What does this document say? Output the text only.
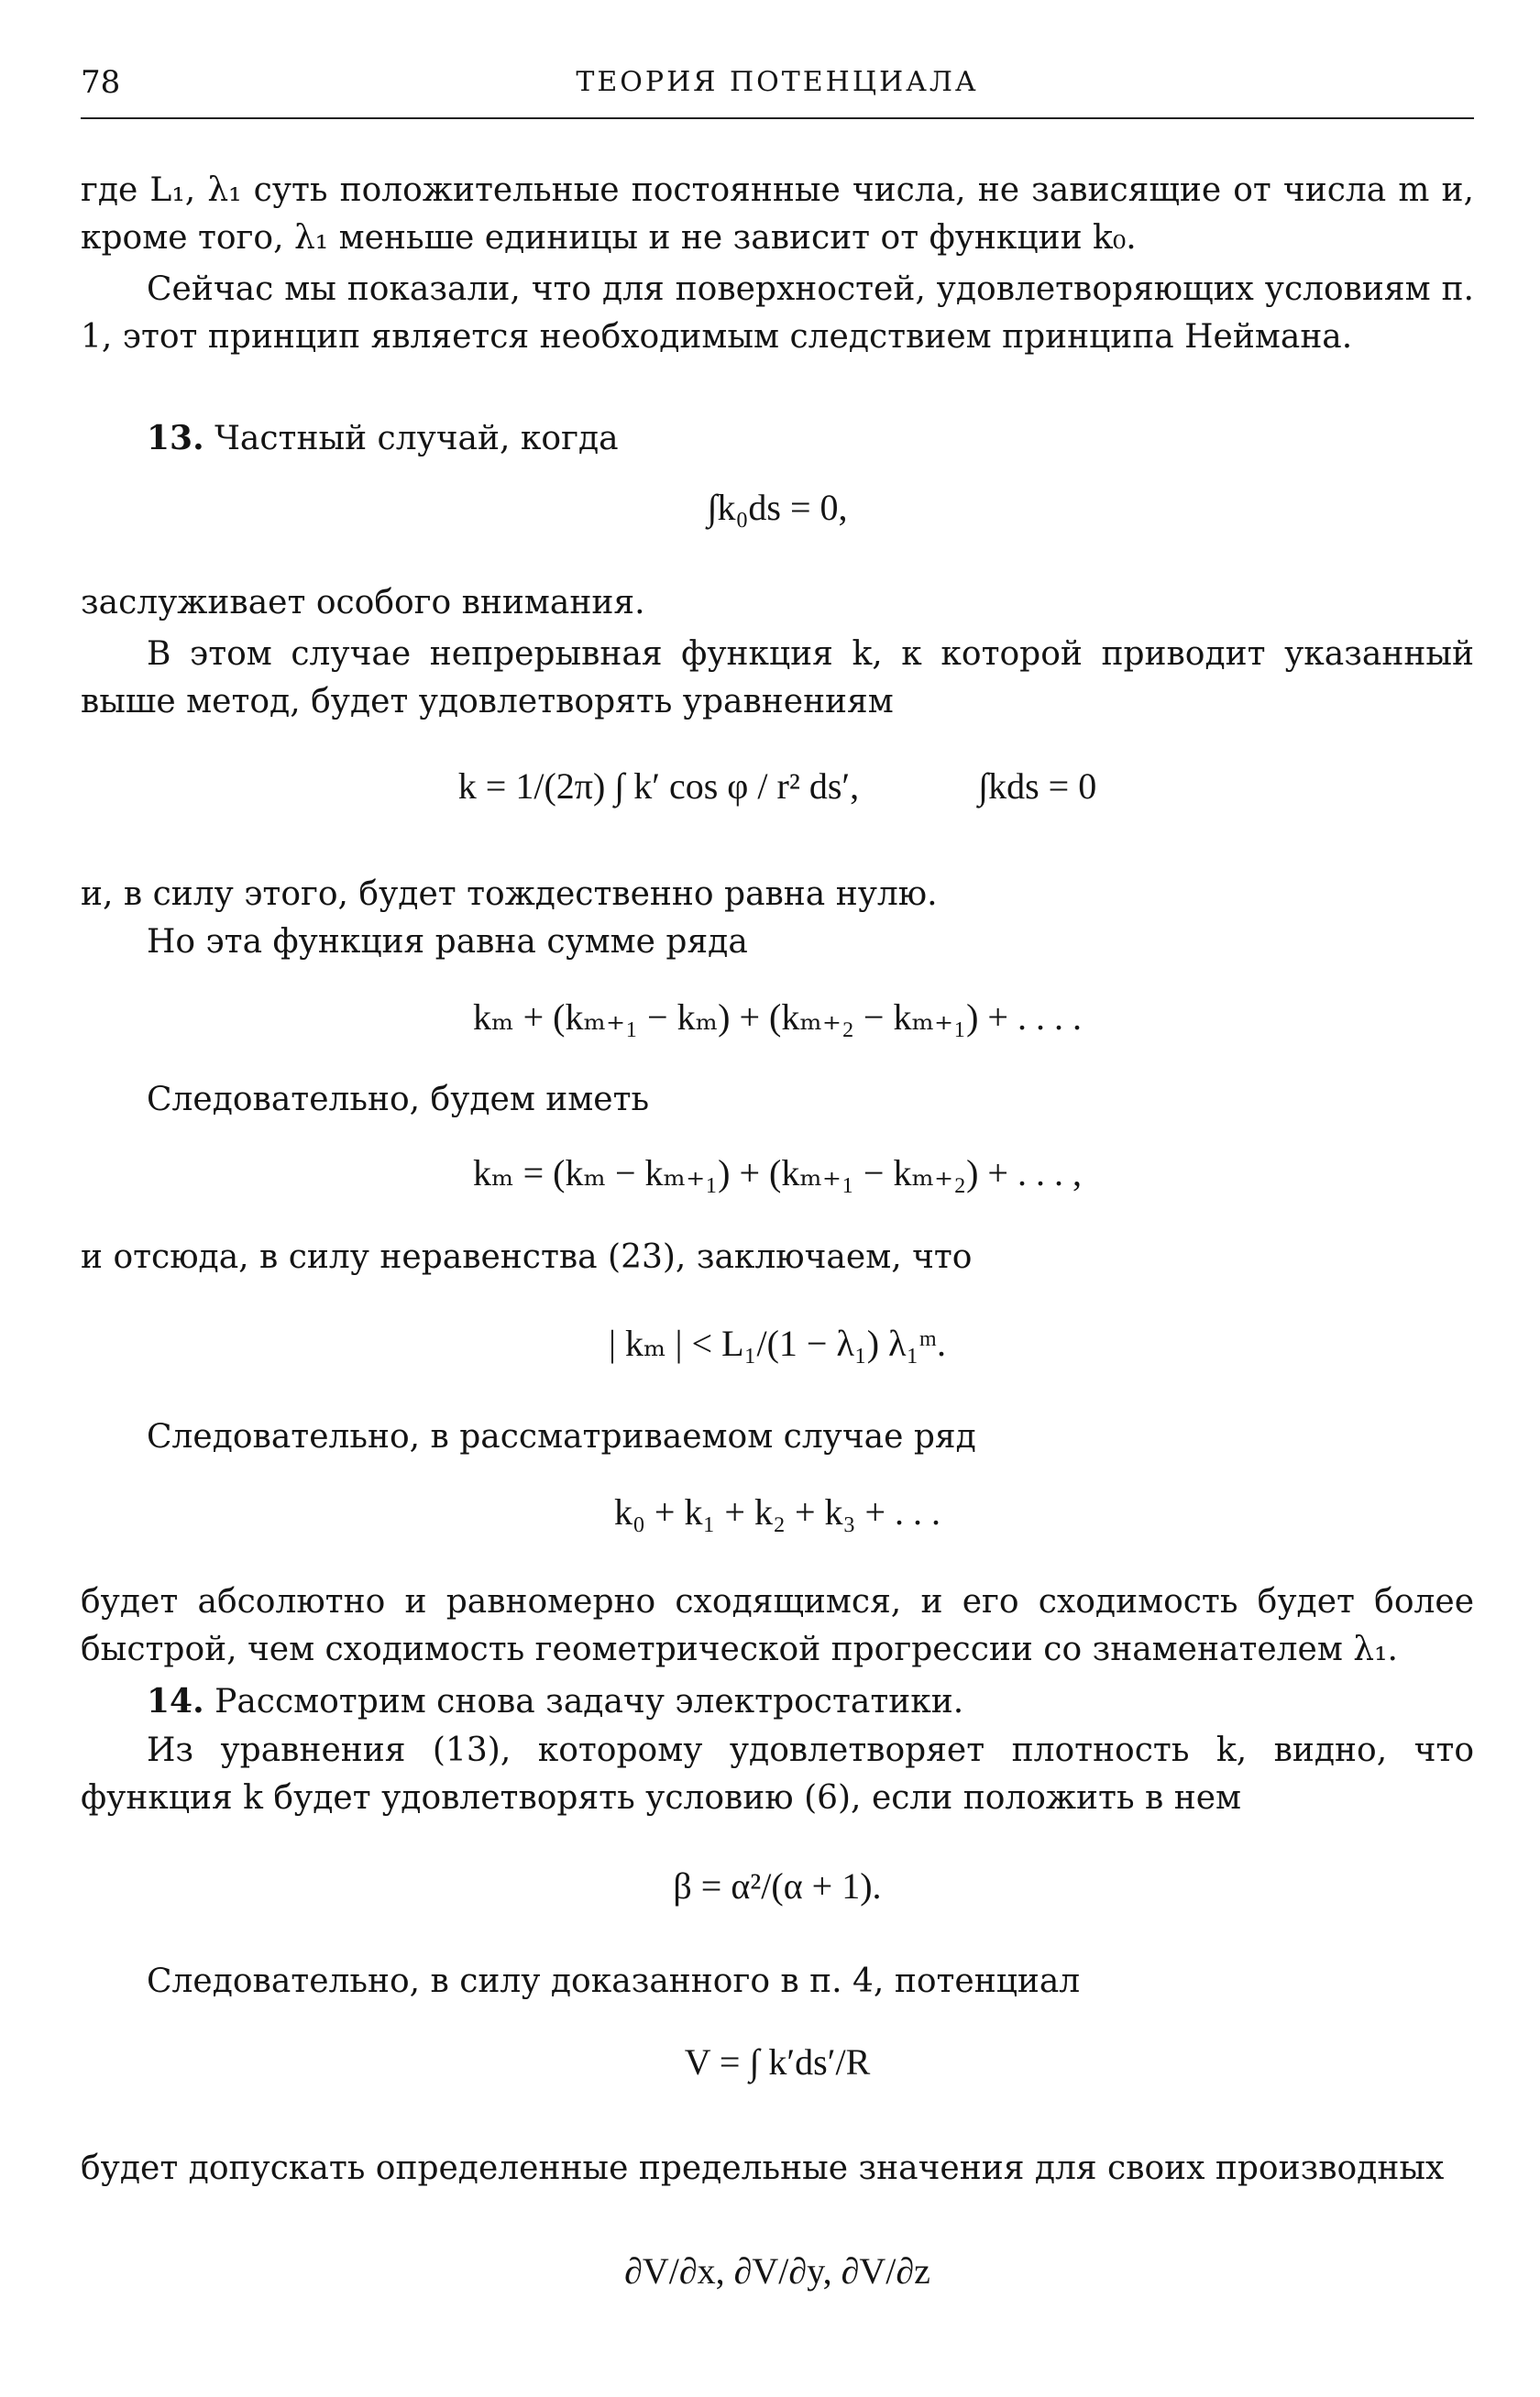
78	ТЕОРИЯ ПОТЕНЦИАЛА

где L₁, λ₁ суть положительные постоянные числа, не зависящие от числа m и, кроме того, λ₁ меньше единицы и не зависит от функции k₀.

Сейчас мы показали, что для поверхностей, удовлетворяющих условиям п. 1, этот принцип является необходимым следствием принципа Неймана.

13. Частный случай, когда
∫k₀ds = 0,

заслуживает особого внимания.

В этом случае непрерывная функция k, к которой приводит указанный выше метод, будет удовлетворять уравнениям

k = 1/(2π) ∫ k′ cos φ / r² ds′,	∫kds = 0

и, в силу этого, будет тождественно равна нулю.

Но эта функция равна сумме ряда

kₘ + (kₘ₊₁ − kₘ) + (kₘ₊₂ − kₘ₊₁) + . . . .

Следовательно, будем иметь

kₘ = (kₘ − kₘ₊₁) + (kₘ₊₁ − kₘ₊₂) + . . . ,

и отсюда, в силу неравенства (23), заключаем, что

| kₘ | < L₁/(1 − λ₁) λ₁ᵐ.

Следовательно, в рассматриваемом случае ряд

k₀ + k₁ + k₂ + k₃ + . . .

будет абсолютно и равномерно сходящимся, и его сходимость будет более быстрой, чем сходимость геометрической прогрессии со знаменателем λ₁.

14. Рассмотрим снова задачу электростатики.

Из уравнения (13), которому удовлетворяет плотность k, видно, что функция k будет удовлетворять условию (6), если положить в нем

β = α²/(α + 1).

Следовательно, в силу доказанного в п. 4, потенциал

V = ∫ k′ds′/R

будет допускать определенные предельные значения для своих производных

∂V/∂x, ∂V/∂y, ∂V/∂z
